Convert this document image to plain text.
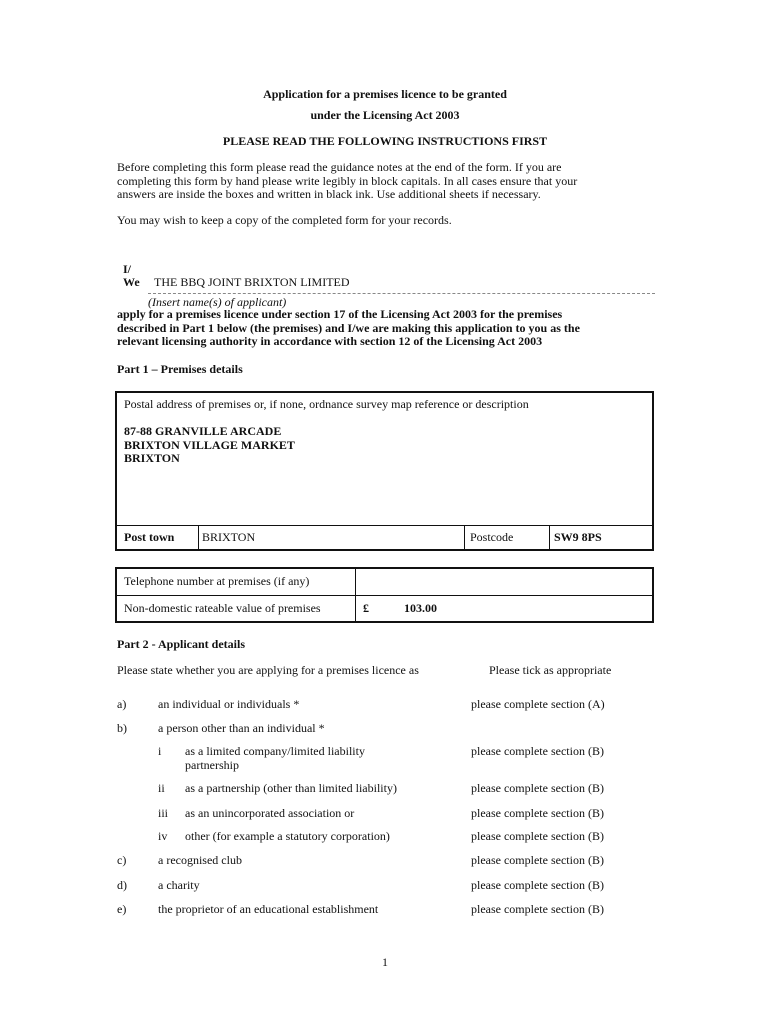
Application for a premises licence to be granted
under the Licensing Act 2003
PLEASE READ THE FOLLOWING INSTRUCTIONS FIRST
Before completing this form please read the guidance notes at the end of the form. If you are
completing this form by hand please write legibly in block capitals. In all cases ensure that your
answers are inside the boxes and written in black ink. Use additional sheets if necessary.
You may wish to keep a copy of the completed form for your records.
I/
We THE BBQ JOINT BRIXTON LIMITED
(Insert name(s) of applicant)
apply for a premises licence under section 17 of the Licensing Act 2003 for the premises
described in Part 1 below (the premises) and I/we are making this application to you as the
relevant licensing authority in accordance with section 12 of the Licensing Act 2003
Part 1 – Premises details
Postal address of premises or, if none, ordnance survey map reference or description
87-88 GRANVILLE ARCADE
BRIXTON VILLAGE MARKET
BRIXTON
Post town BRIXTON	Postcode	SW9 8PS
Telephone number at premises (if any)
Non-domestic rateable value of premises	£	103.00
Part 2 - Applicant details
Please state whether you are applying for a premises licence as	Please tick as appropriate
a)	an individual or individuals *	please complete section (A)
b)	a person other than an individual *
i as a limited company/limited liability
partnership
please complete section (B)
ii as a partnership (other than limited liability)	please complete section (B)
iii as an unincorporated association or	please complete section (B)
iv other (for example a statutory corporation)	please complete section (B)
c)	a recognised club	please complete section (B)
d)	a charity	please complete section (B)
e)	the proprietor of an educational establishment	please complete section (B)
1
